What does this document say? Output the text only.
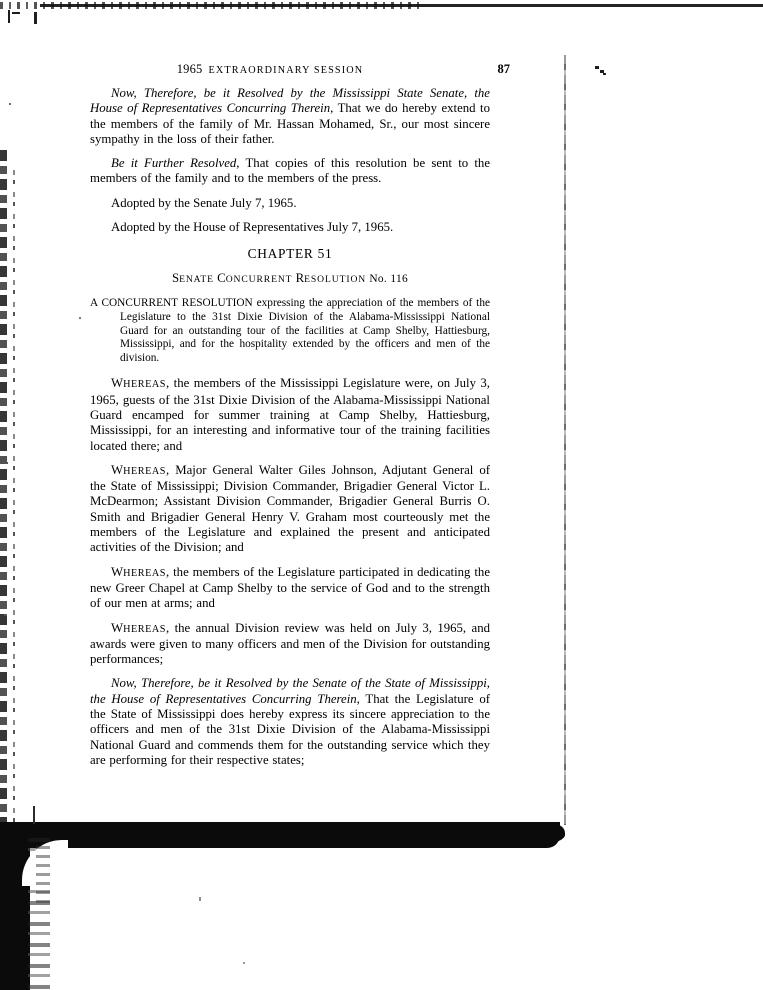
1965 EXTRAORDINARY SESSION	87

Now, Therefore, be it Resolved by the Mississippi State Senate, the House of Representatives Concurring Therein, That we do hereby extend to the members of the family of Mr. Hassan Mohamed, Sr., our most sincere sympathy in the loss of their father.

Be it Further Resolved, That copies of this resolution be sent to the members of the family and to the members of the press.

Adopted by the Senate July 7, 1965.

Adopted by the House of Representatives July 7, 1965.

CHAPTER 51
SENATE CONCURRENT RESOLUTION No. 116

A CONCURRENT RESOLUTION expressing the appreciation of the members of the Legislature to the 31st Dixie Division of the Alabama-Mississippi National Guard for an outstanding tour of the facilities at Camp Shelby, Hattiesburg, Mississippi, and for the hospitality extended by the officers and men of the division.

WHEREAS, the members of the Mississippi Legislature were, on July 3, 1965, guests of the 31st Dixie Division of the Alabama-Mississippi National Guard encamped for summer training at Camp Shelby, Hattiesburg, Mississippi, for an interesting and informative tour of the training facilities located there; and

WHEREAS, Major General Walter Giles Johnson, Adjutant General of the State of Mississippi; Division Commander, Brigadier General Victor L. McDearmon; Assistant Division Commander, Brigadier General Burris O. Smith and Brigadier General Henry V. Graham most courteously met the members of the Legislature and explained the present and anticipated activities of the Division; and

WHEREAS, the members of the Legislature participated in dedicating the new Greer Chapel at Camp Shelby to the service of God and to the strength of our men at arms; and

WHEREAS, the annual Division review was held on July 3, 1965, and awards were given to many officers and men of the Division for outstanding performances;

Now, Therefore, be it Resolved by the Senate of the State of Mississippi, the House of Representatives Concurring Therein, That the Legislature of the State of Mississippi does hereby express its sincere appreciation to the officers and men of the 31st Dixie Division of the Alabama-Mississippi National Guard and commends them for the outstanding service which they are performing for their respective states;
